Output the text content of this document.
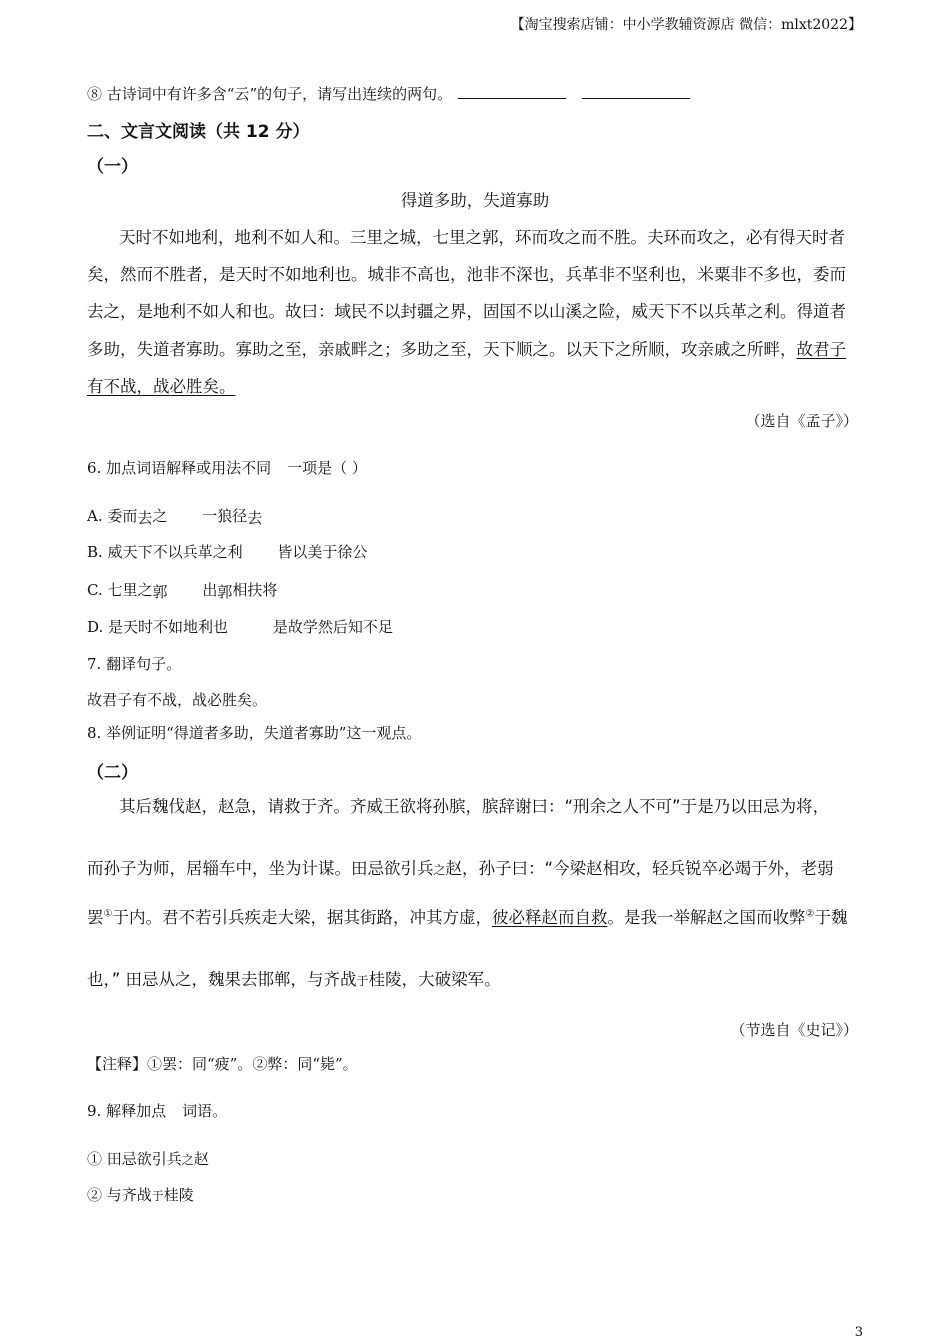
【淘宝搜索店铺：中小学教辅资源店 微信：mlxt2022】
⑧ 古诗词中有许多含“云”的句子，请写出连续的两句。
二、文言文阅读（共 12 分）
（一）
得道多助，失道寡助
天时不如地利，地利不如人和。三里之城，七里之郭，环而攻之而不胜。夫环而攻之，必有得天时者
矣，然而不胜者，是天时不如地利也。城非不高也，池非不深也，兵革非不坚利也，米粟非不多也，委而
去之，是地利不如人和也。故曰：域民不以封疆之界，固国不以山溪之险，威天下不以兵革之利。得道者
多助，失道者寡助。寡助之至，亲戚畔之；多助之至，天下顺之。以天下之所顺，攻亲戚之所畔，故君子
有不战，战必胜矣。
（选自《孟子》）
6. 加点词语解释或用法不同 一项是（ ）
A. 委而去之 一狼径去
B. 威天下不以兵革之利 皆以美于徐公
C. 七里之郭 出郭相扶将
D. 是天时不如地利也	是故学然后知不足
7. 翻译句子。
故君子有不战，战必胜矣。
8. 举例证明“得道者多助，失道者寡助”这一观点。
（二）
其后魏伐赵，赵急，请救于齐。齐威王欲将孙膑，膑辞谢曰：“刑余之人不可”于是乃以田忌为将，
而孙子为师，居辎车中，坐为计谋。田忌欲引兵之赵，孙子曰：“今梁赵相攻，轻兵锐卒必竭于外，老弱
罢①于内。君不若引兵疾走大梁，据其街路，冲其方虚，彼必释赵而自救。是我一举解赵之国而收弊②于魏
也，” 田忌从之，魏果去邯郸，与齐战于桂陵，大破梁军。
（节选自《史记》）
【注释】①罢：同“疲”。②弊：同“毙”。
9. 解释加点 词语。
① 田忌欲引兵之赵
② 与齐战于桂陵
3
